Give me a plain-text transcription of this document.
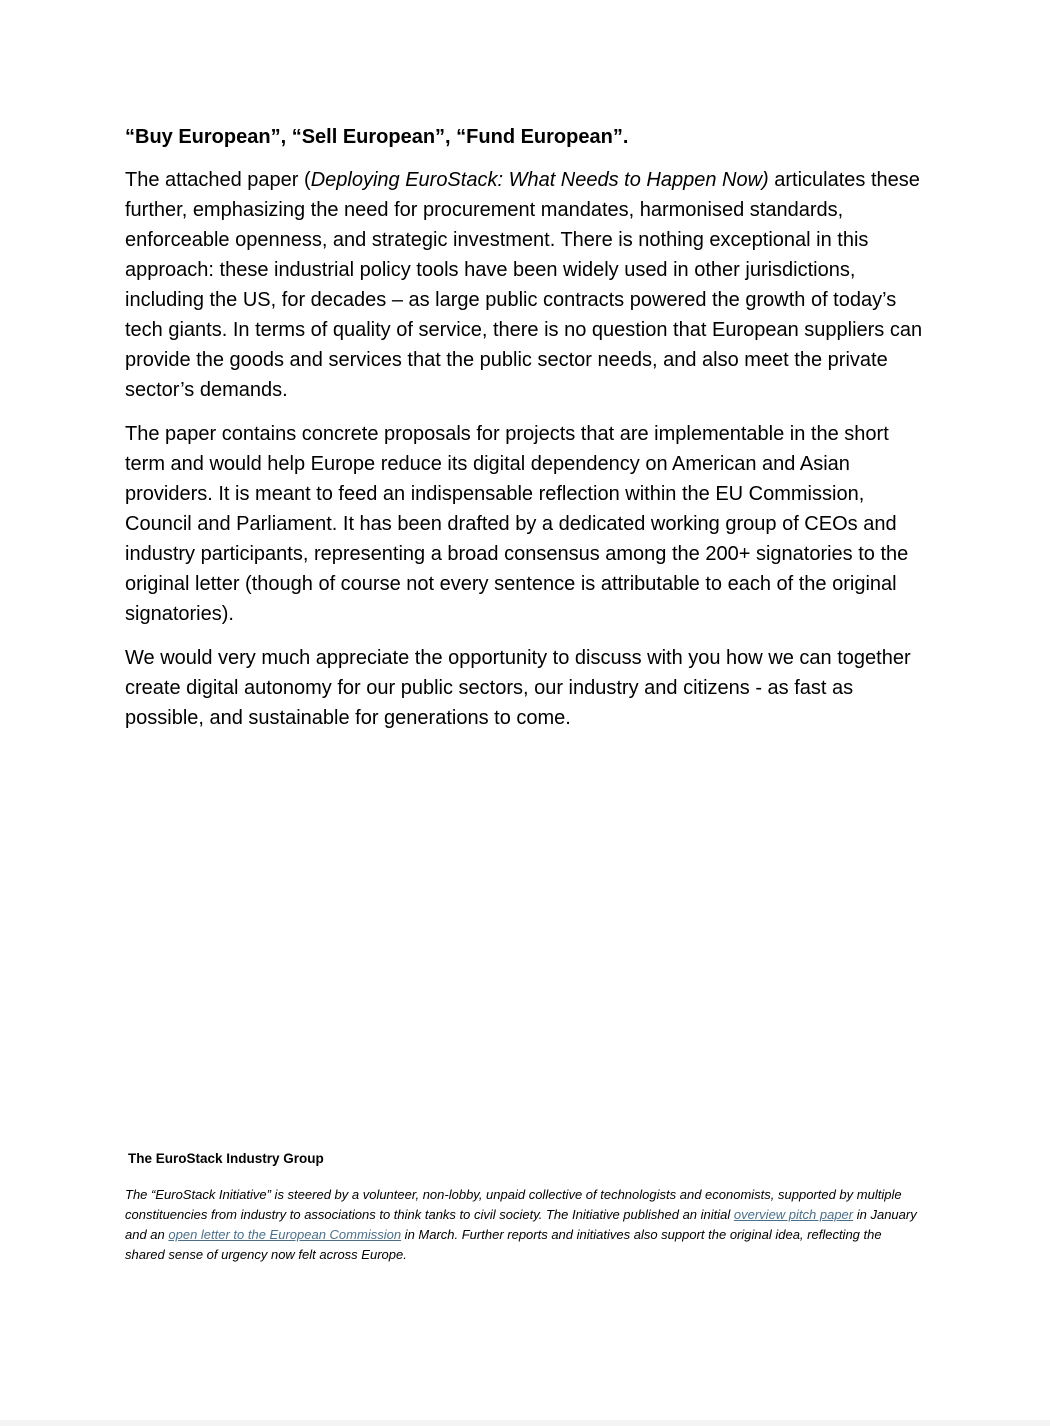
“Buy European”, “Sell European”, “Fund European”.

The attached paper (Deploying EuroStack: What Needs to Happen Now) articulates these further, emphasizing the need for procurement mandates, harmonised standards, enforceable openness, and strategic investment. There is nothing exceptional in this approach: these industrial policy tools have been widely used in other jurisdictions, including the US, for decades – as large public contracts powered the growth of today’s tech giants. In terms of quality of service, there is no question that European suppliers can provide the goods and services that the public sector needs, and also meet the private sector’s demands.

The paper contains concrete proposals for projects that are implementable in the short term and would help Europe reduce its digital dependency on American and Asian providers. It is meant to feed an indispensable reflection within the EU Commission, Council and Parliament. It has been drafted by a dedicated working group of CEOs and industry participants, representing a broad consensus among the 200+ signatories to the original letter (though of course not every sentence is attributable to each of the original signatories).

We would very much appreciate the opportunity to discuss with you how we can together create digital autonomy for our public sectors, our industry and citizens - as fast as possible, and sustainable for generations to come.

The EuroStack Industry Group

The “EuroStack Initiative” is steered by a volunteer, non-lobby, unpaid collective of technologists and economists, supported by multiple constituencies from industry to associations to think tanks to civil society. The Initiative published an initial overview pitch paper in January and an open letter to the European Commission in March. Further reports and initiatives also support the original idea, reflecting the shared sense of urgency now felt across Europe.
